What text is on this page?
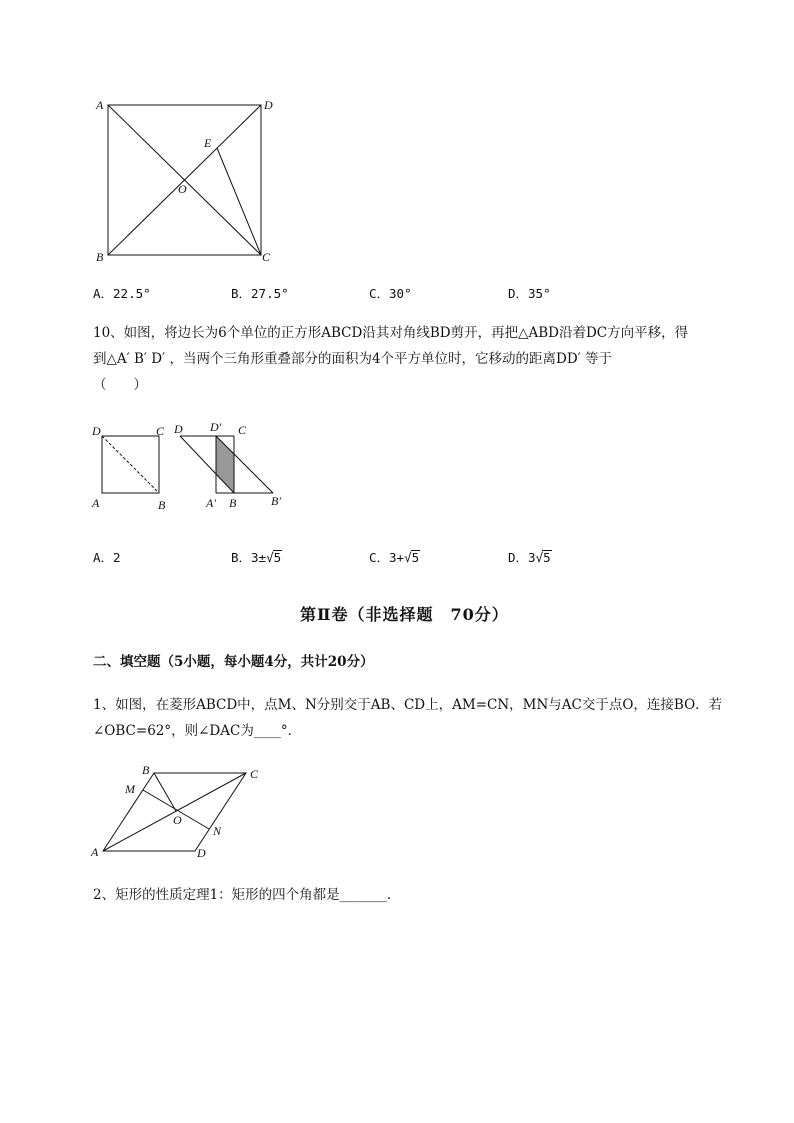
A	D
E
O
B	C
A．22.5°	B．27.5°	C．30°	D．35°
10、如图，将边长为6个单位的正方形ABCD沿其对角线BD剪开，再把△ABD沿着DC方向平移，得
到△A′ B′ D′ ，当两个三角形重叠部分的面积为4个平方单位时，它移动的距离DD′ 等于
（　　）
D	C
A	B
D D′ C
A′ B	B′
A．2	B．3±√5	C．3+√5	D．3√5
第Ⅱ卷（非选择题　70分）
二、填空题（5小题，每小题4分，共计20分）
1、如图，在菱形ABCD中，点M、N分别交于AB、CD上，AM=CN，MN与AC交于点O，连接BO．若
∠OBC=62°，则∠DAC为____°．
B	C
M
O
N
A	D
2、矩形的性质定理1：矩形的四个角都是_______.
